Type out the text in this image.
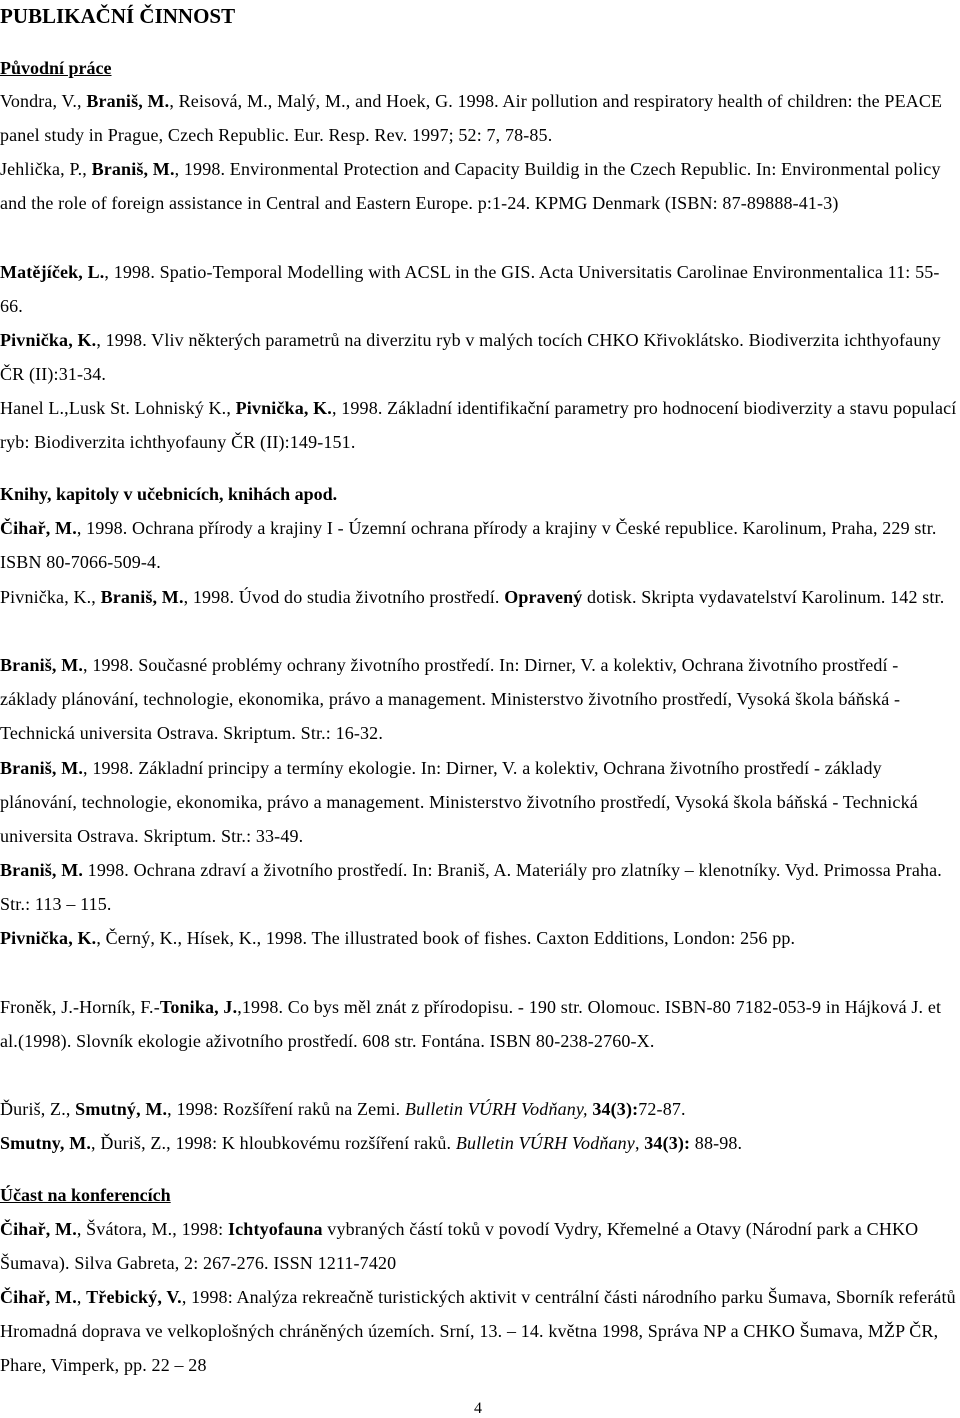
PUBLIKAČNÍ ČINNOST
Původní práce

Vondra, V., Braniš, M., Reisová, M., Malý, M., and Hoek, G. 1998. Air pollution and respiratory health of children: the PEACE panel study in Prague, Czech Republic. Eur. Resp. Rev. 1997; 52: 7, 78-85.

Jehlička, P., Braniš, M., 1998. Environmental Protection and Capacity Buildig in the Czech Republic. In: Environmental policy and the role of foreign assistance in Central and Eastern Europe. p:1-24. KPMG Denmark (ISBN: 87-89888-41-3)

Matějíček, L., 1998. Spatio-Temporal Modelling with ACSL in the GIS. Acta Universitatis Carolinae Environmentalica 11: 55-66.

Pivnička, K., 1998. Vliv některých parametrů na diverzitu ryb v malých tocích CHKO Křivoklátsko. Biodiverzita ichthyofauny ČR (II):31-34.

Hanel L.,Lusk St. Lohniský K., Pivnička, K., 1998. Základní identifikační parametry pro hodnocení biodiverzity a stavu populací ryb: Biodiverzita ichthyofauny ČR (II):149-151.

Knihy, kapitoly v učebnicích, knihách apod.

Čihař, M., 1998. Ochrana přírody a krajiny I - Územní ochrana přírody a krajiny v České republice. Karolinum, Praha, 229 str. ISBN 80-7066-509-4.

Pivnička, K., Braniš, M., 1998. Úvod do studia životního prostředí. Opravený dotisk. Skripta vydavatelství Karolinum. 142 str.

Braniš, M., 1998. Současné problémy ochrany životního prostředí. In: Dirner, V. a kolektiv, Ochrana životního prostředí - základy plánování, technologie, ekonomika, právo a management. Ministerstvo životního prostředí, Vysoká škola báňská - Technická universita Ostrava. Skriptum. Str.: 16-32.

Braniš, M., 1998. Základní principy a termíny ekologie. In: Dirner, V. a kolektiv, Ochrana životního prostředí - základy plánování, technologie, ekonomika, právo a management. Ministerstvo životního prostředí, Vysoká škola báňská - Technická universita Ostrava. Skriptum. Str.: 33-49.

Braniš, M. 1998. Ochrana zdraví a životního prostředí. In: Braniš, A. Materiály pro zlatníky – klenotníky. Vyd. Primossa Praha. Str.: 113 – 115.

Pivnička, K., Černý, K., Hísek, K., 1998. The illustrated book of fishes. Caxton Edditions, London: 256 pp.

Froněk, J.-Horník, F.-Tonika, J.,1998. Co bys měl znát z přírodopisu. - 190 str. Olomouc. ISBN-80 7182-053-9 in Hájková J. et al.(1998). Slovník ekologie aživotního prostředí. 608 str. Fontána. ISBN 80-238-2760-X.

Ďuriš, Z., Smutný, M., 1998: Rozšíření raků na Zemi. Bulletin VÚRH Vodňany, 34(3):72-87.

Smutny, M., Ďuriš, Z., 1998: K hloubkovému rozšíření raků. Bulletin VÚRH Vodňany, 34(3): 88-98.

Účast na konferencích

Čihař, M., Švátora, M., 1998: Ichtyofauna vybraných částí toků v povodí Vydry, Křemelné a Otavy (Národní park a CHKO Šumava). Silva Gabreta, 2: 267-276. ISSN 1211-7420

Čihař, M., Třebický, V., 1998: Analýza rekreačně turistických aktivit v centrální části národního parku Šumava, Sborník referátů Hromadná doprava ve velkoplošných chráněných územích. Srní, 13. – 14. května 1998, Správa NP a CHKO Šumava, MŽP ČR, Phare, Vimperk, pp. 22 – 28

4
